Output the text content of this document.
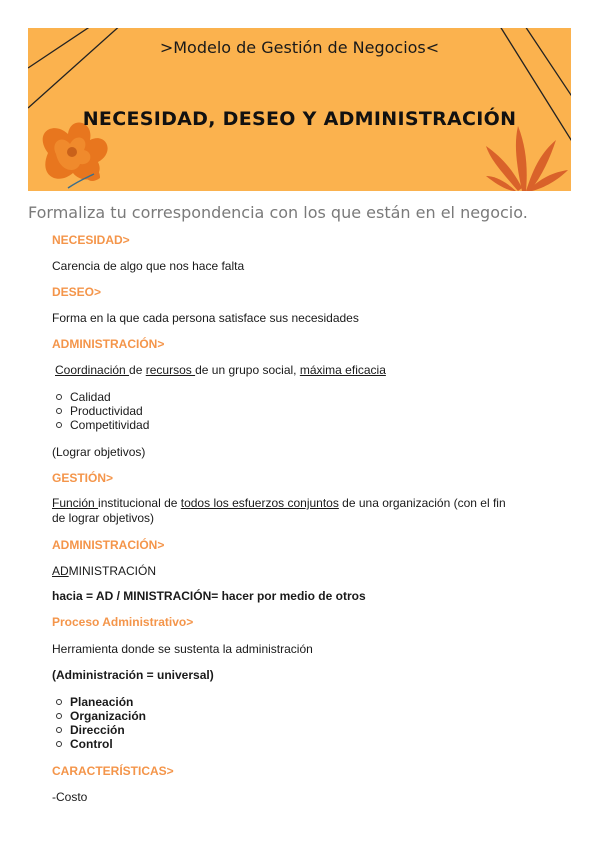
>Modelo de Gestión de Negocios<
NECESIDAD, DESEO Y ADMINISTRACIÓN
Formaliza tu correspondencia con los que están en el negocio.
NECESIDAD>
Carencia de algo que nos hace falta
DESEO>
Forma en la que cada persona satisface sus necesidades
ADMINISTRACIÓN>
Coordinación de recursos de un grupo social, máxima eficacia
Calidad
Productividad
Competitividad
(Lograr objetivos)
GESTIÓN>
Función institucional de todos los esfuerzos conjuntos de una organización (con el fin
de lograr objetivos)
ADMINISTRACIÓN>
ADMINISTRACIÓN
hacia = AD / MINISTRACIÓN= hacer por medio de otros
Proceso Administrativo>
Herramienta donde se sustenta la administración
(Administración = universal)
Planeación
Organización
Dirección
Control
CARACTERÍSTICAS>
-Costo
